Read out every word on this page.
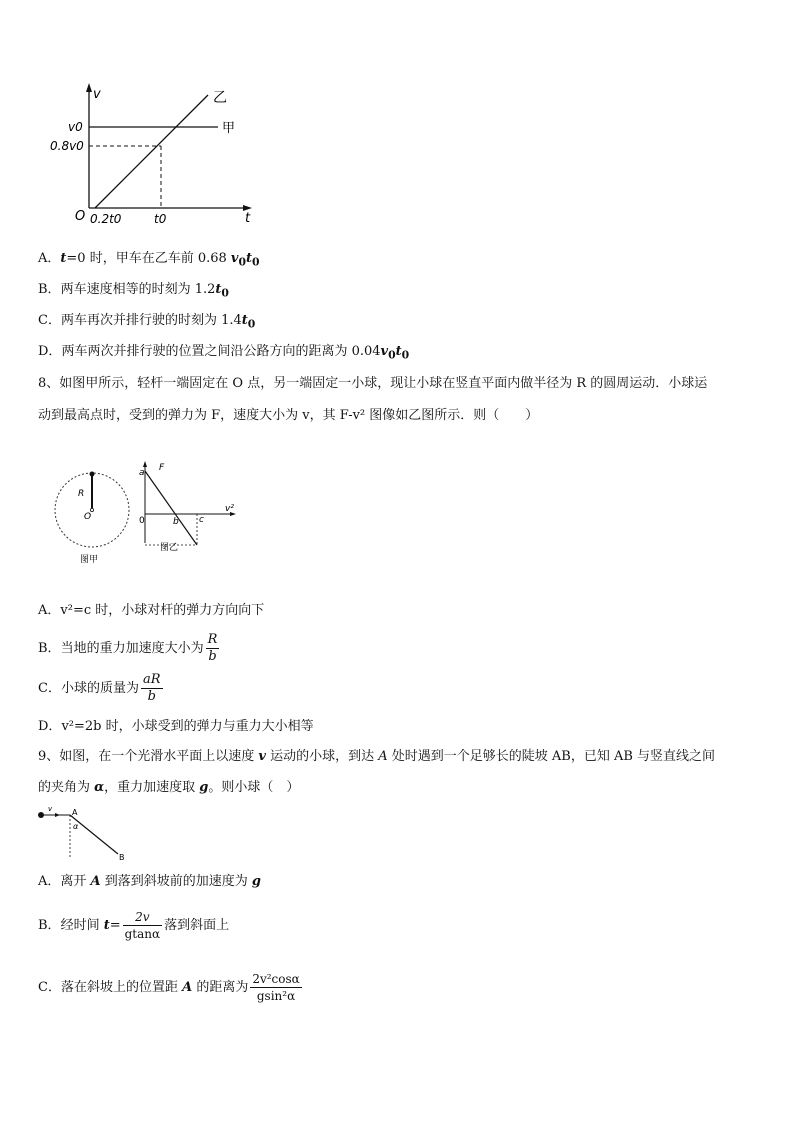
v
t
O
v0
0.8v0
0.2t0	t0
甲
乙
A．t=0 时，甲车在乙车前 0.68 $v_0t_0$
B．两车速度相等的时刻为 $1.2t_0$
C．两车再次并排行驶的时刻为 $1.4t_0$
D．两车两次并排行驶的位置之间沿公路方向的距离为 $0.04v_0t_0$
8、如图甲所示，轻杆一端固定在 O 点，另一端固定一小球，现让小球在竖直平面内做半径为 R 的圆周运动．小球运
动到最高点时，受到的弹力为 F，速度大小为 v，其 F-v² 图像如乙图所示．则（　　）
R
O
图甲
a F
v²
0	b c
图乙
A．v²=c 时，小球对杆的弹力方向向下
B．当地的重力加速度大小为 $\frac{R}{b}$
C．小球的质量为 $\frac{aR}{b}$
D．v²=2b 时，小球受到的弹力与重力大小相等
9、如图，在一个光滑水平面上以速度 v 运动的小球，到达 A 处时遇到一个足够长的陡坡 AB，已知 AB 与竖直线之间
的夹角为 α，重力加速度取 g。则小球（　）
v A
α
B
A．离开 A 到落到斜坡前的加速度为 g
B．经时间 $t= \frac{2v}{gtan\alpha}$ 落到斜面上
C．落在斜坡上的位置距 A 的距离为 $\frac{\text{2v²cosα}}{\text{gsin²α}}$
